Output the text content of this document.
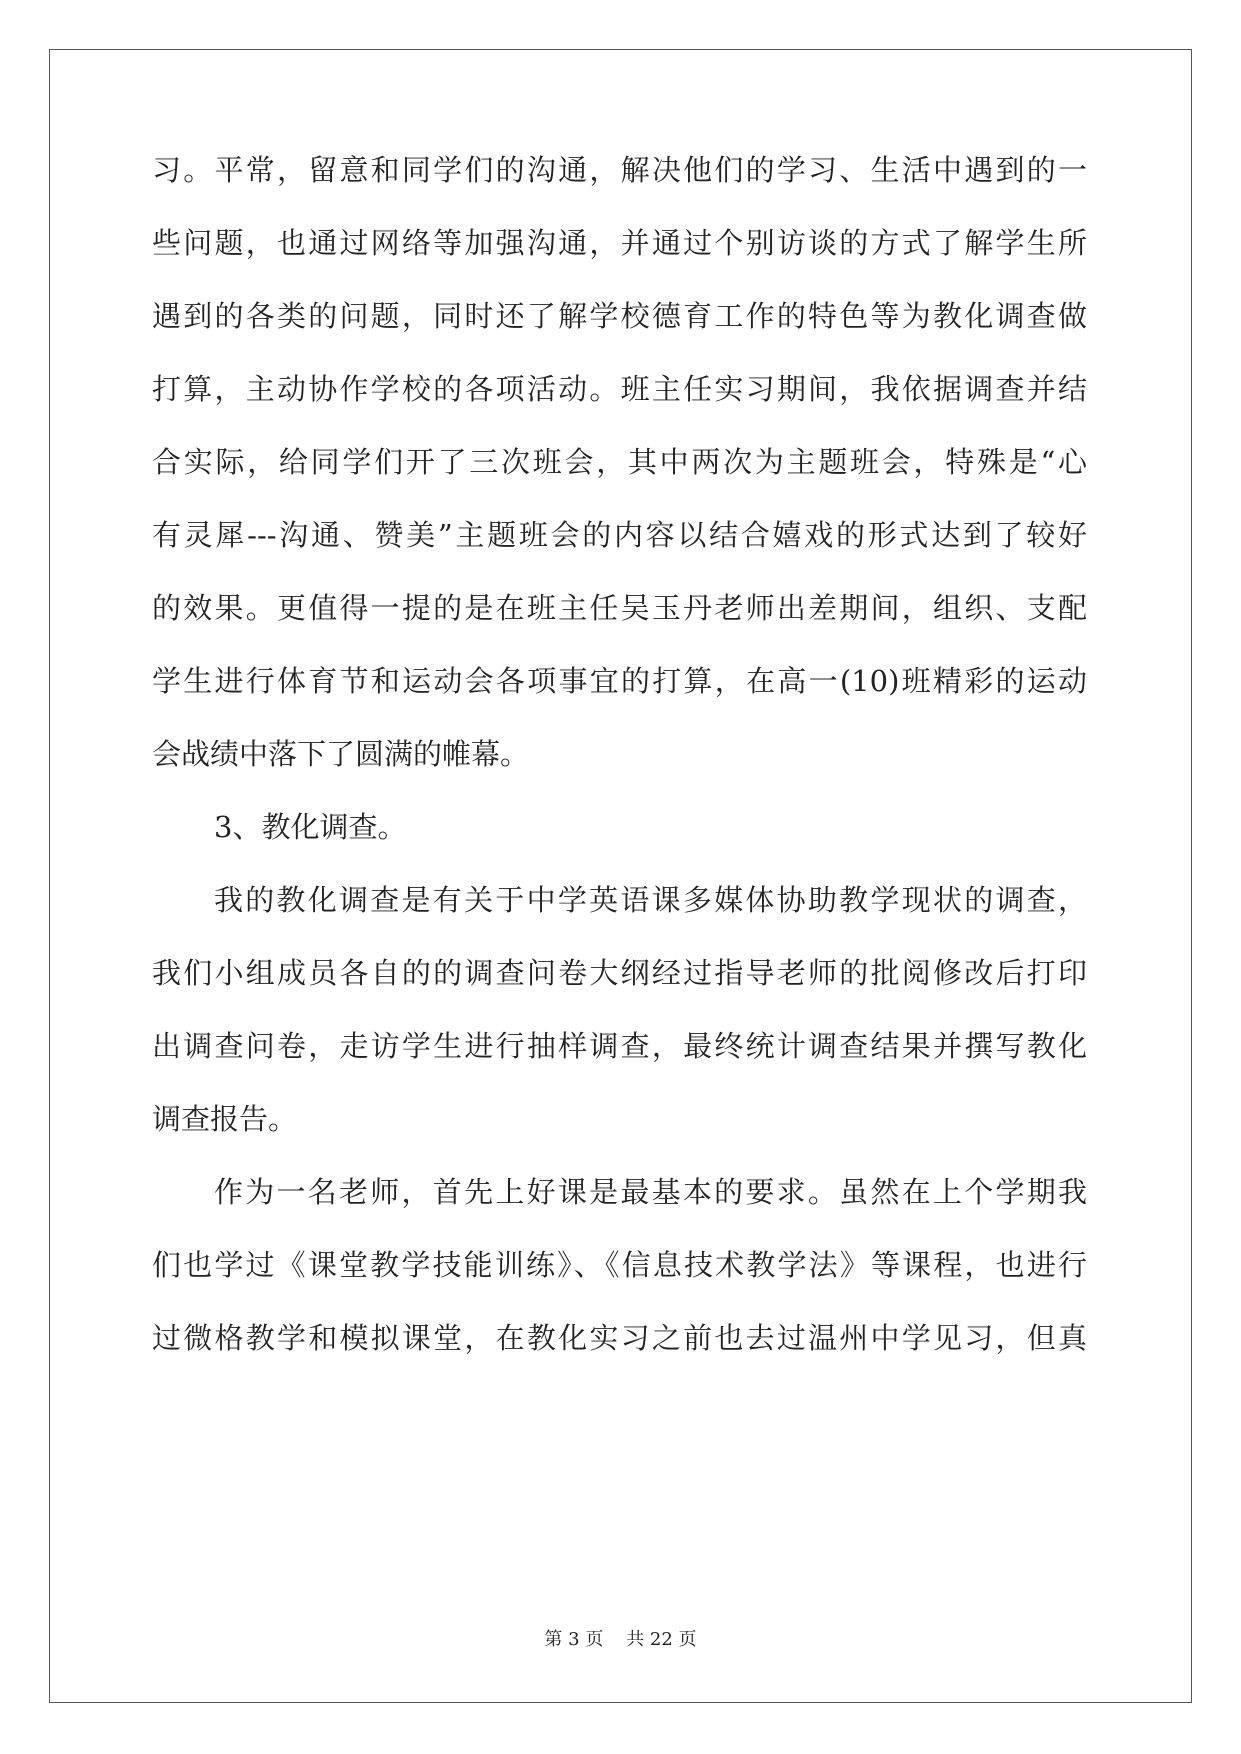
习。平常，留意和同学们的沟通，解决他们的学习、生活中遇到的一
些问题，也通过网络等加强沟通，并通过个别访谈的方式了解学生所
遇到的各类的问题，同时还了解学校德育工作的特色等为教化调查做
打算，主动协作学校的各项活动。班主任实习期间，我依据调查并结
合实际，给同学们开了三次班会，其中两次为主题班会，特殊是“心
有灵犀---沟通、赞美”主题班会的内容以结合嬉戏的形式达到了较好
的效果。更值得一提的是在班主任吴玉丹老师出差期间，组织、支配
学生进行体育节和运动会各项事宜的打算，在高一(10)班精彩的运动
会战绩中落下了圆满的帷幕。
3、教化调查。
我的教化调查是有关于中学英语课多媒体协助教学现状的调查，
我们小组成员各自的的调查问卷大纲经过指导老师的批阅修改后打印
出调查问卷，走访学生进行抽样调查，最终统计调查结果并撰写教化
调查报告。
作为一名老师，首先上好课是最基本的要求。虽然在上个学期我
们也学过《课堂教学技能训练》、《信息技术教学法》等课程，也进行
过微格教学和模拟课堂，在教化实习之前也去过温州中学见习，但真
第 3 页    共 22 页
